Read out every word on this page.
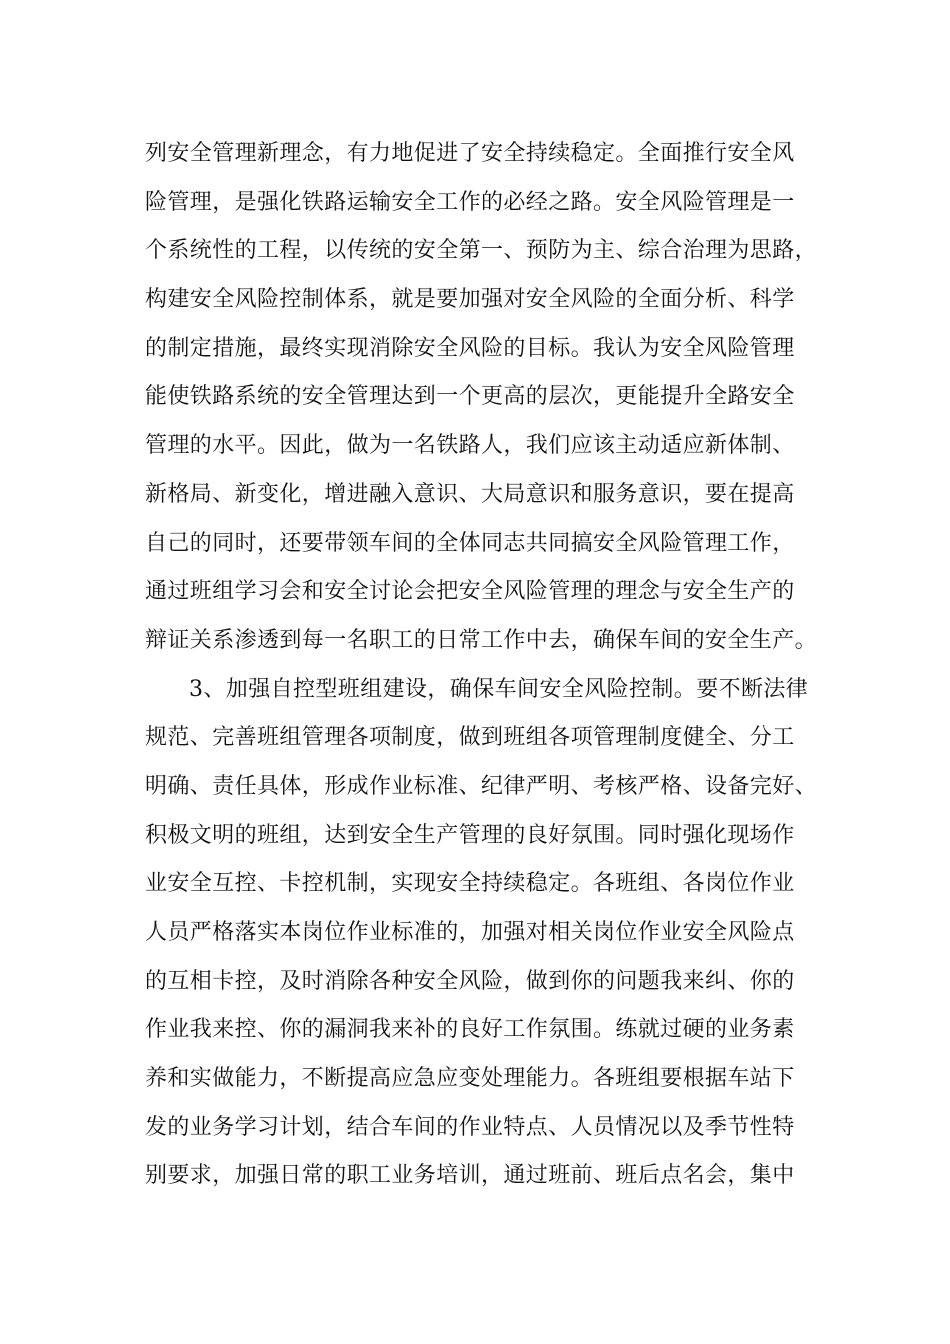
列安全管理新理念，有力地促进了安全持续稳定。全面推行安全风
险管理，是强化铁路运输安全工作的必经之路。安全风险管理是一
个系统性的工程，以传统的安全第一、预防为主、综合治理为思路，
构建安全风险控制体系，就是要加强对安全风险的全面分析、科学
的制定措施，最终实现消除安全风险的目标。我认为安全风险管理
能使铁路系统的安全管理达到一个更高的层次，更能提升全路安全
管理的水平。因此，做为一名铁路人，我们应该主动适应新体制、
新格局、新变化，增进融入意识、大局意识和服务意识，要在提高
自己的同时，还要带领车间的全体同志共同搞安全风险管理工作，
通过班组学习会和安全讨论会把安全风险管理的理念与安全生产的
辩证关系渗透到每一名职工的日常工作中去，确保车间的安全生产。
3、加强自控型班组建设，确保车间安全风险控制。要不断法律
规范、完善班组管理各项制度，做到班组各项管理制度健全、分工
明确、责任具体，形成作业标准、纪律严明、考核严格、设备完好、
积极文明的班组，达到安全生产管理的良好氛围。同时强化现场作
业安全互控、卡控机制，实现安全持续稳定。各班组、各岗位作业
人员严格落实本岗位作业标准的，加强对相关岗位作业安全风险点
的互相卡控，及时消除各种安全风险，做到你的问题我来纠、你的
作业我来控、你的漏洞我来补的良好工作氛围。练就过硬的业务素
养和实做能力，不断提高应急应变处理能力。各班组要根据车站下
发的业务学习计划，结合车间的作业特点、人员情况以及季节性特
别要求，加强日常的职工业务培训，通过班前、班后点名会，集中
